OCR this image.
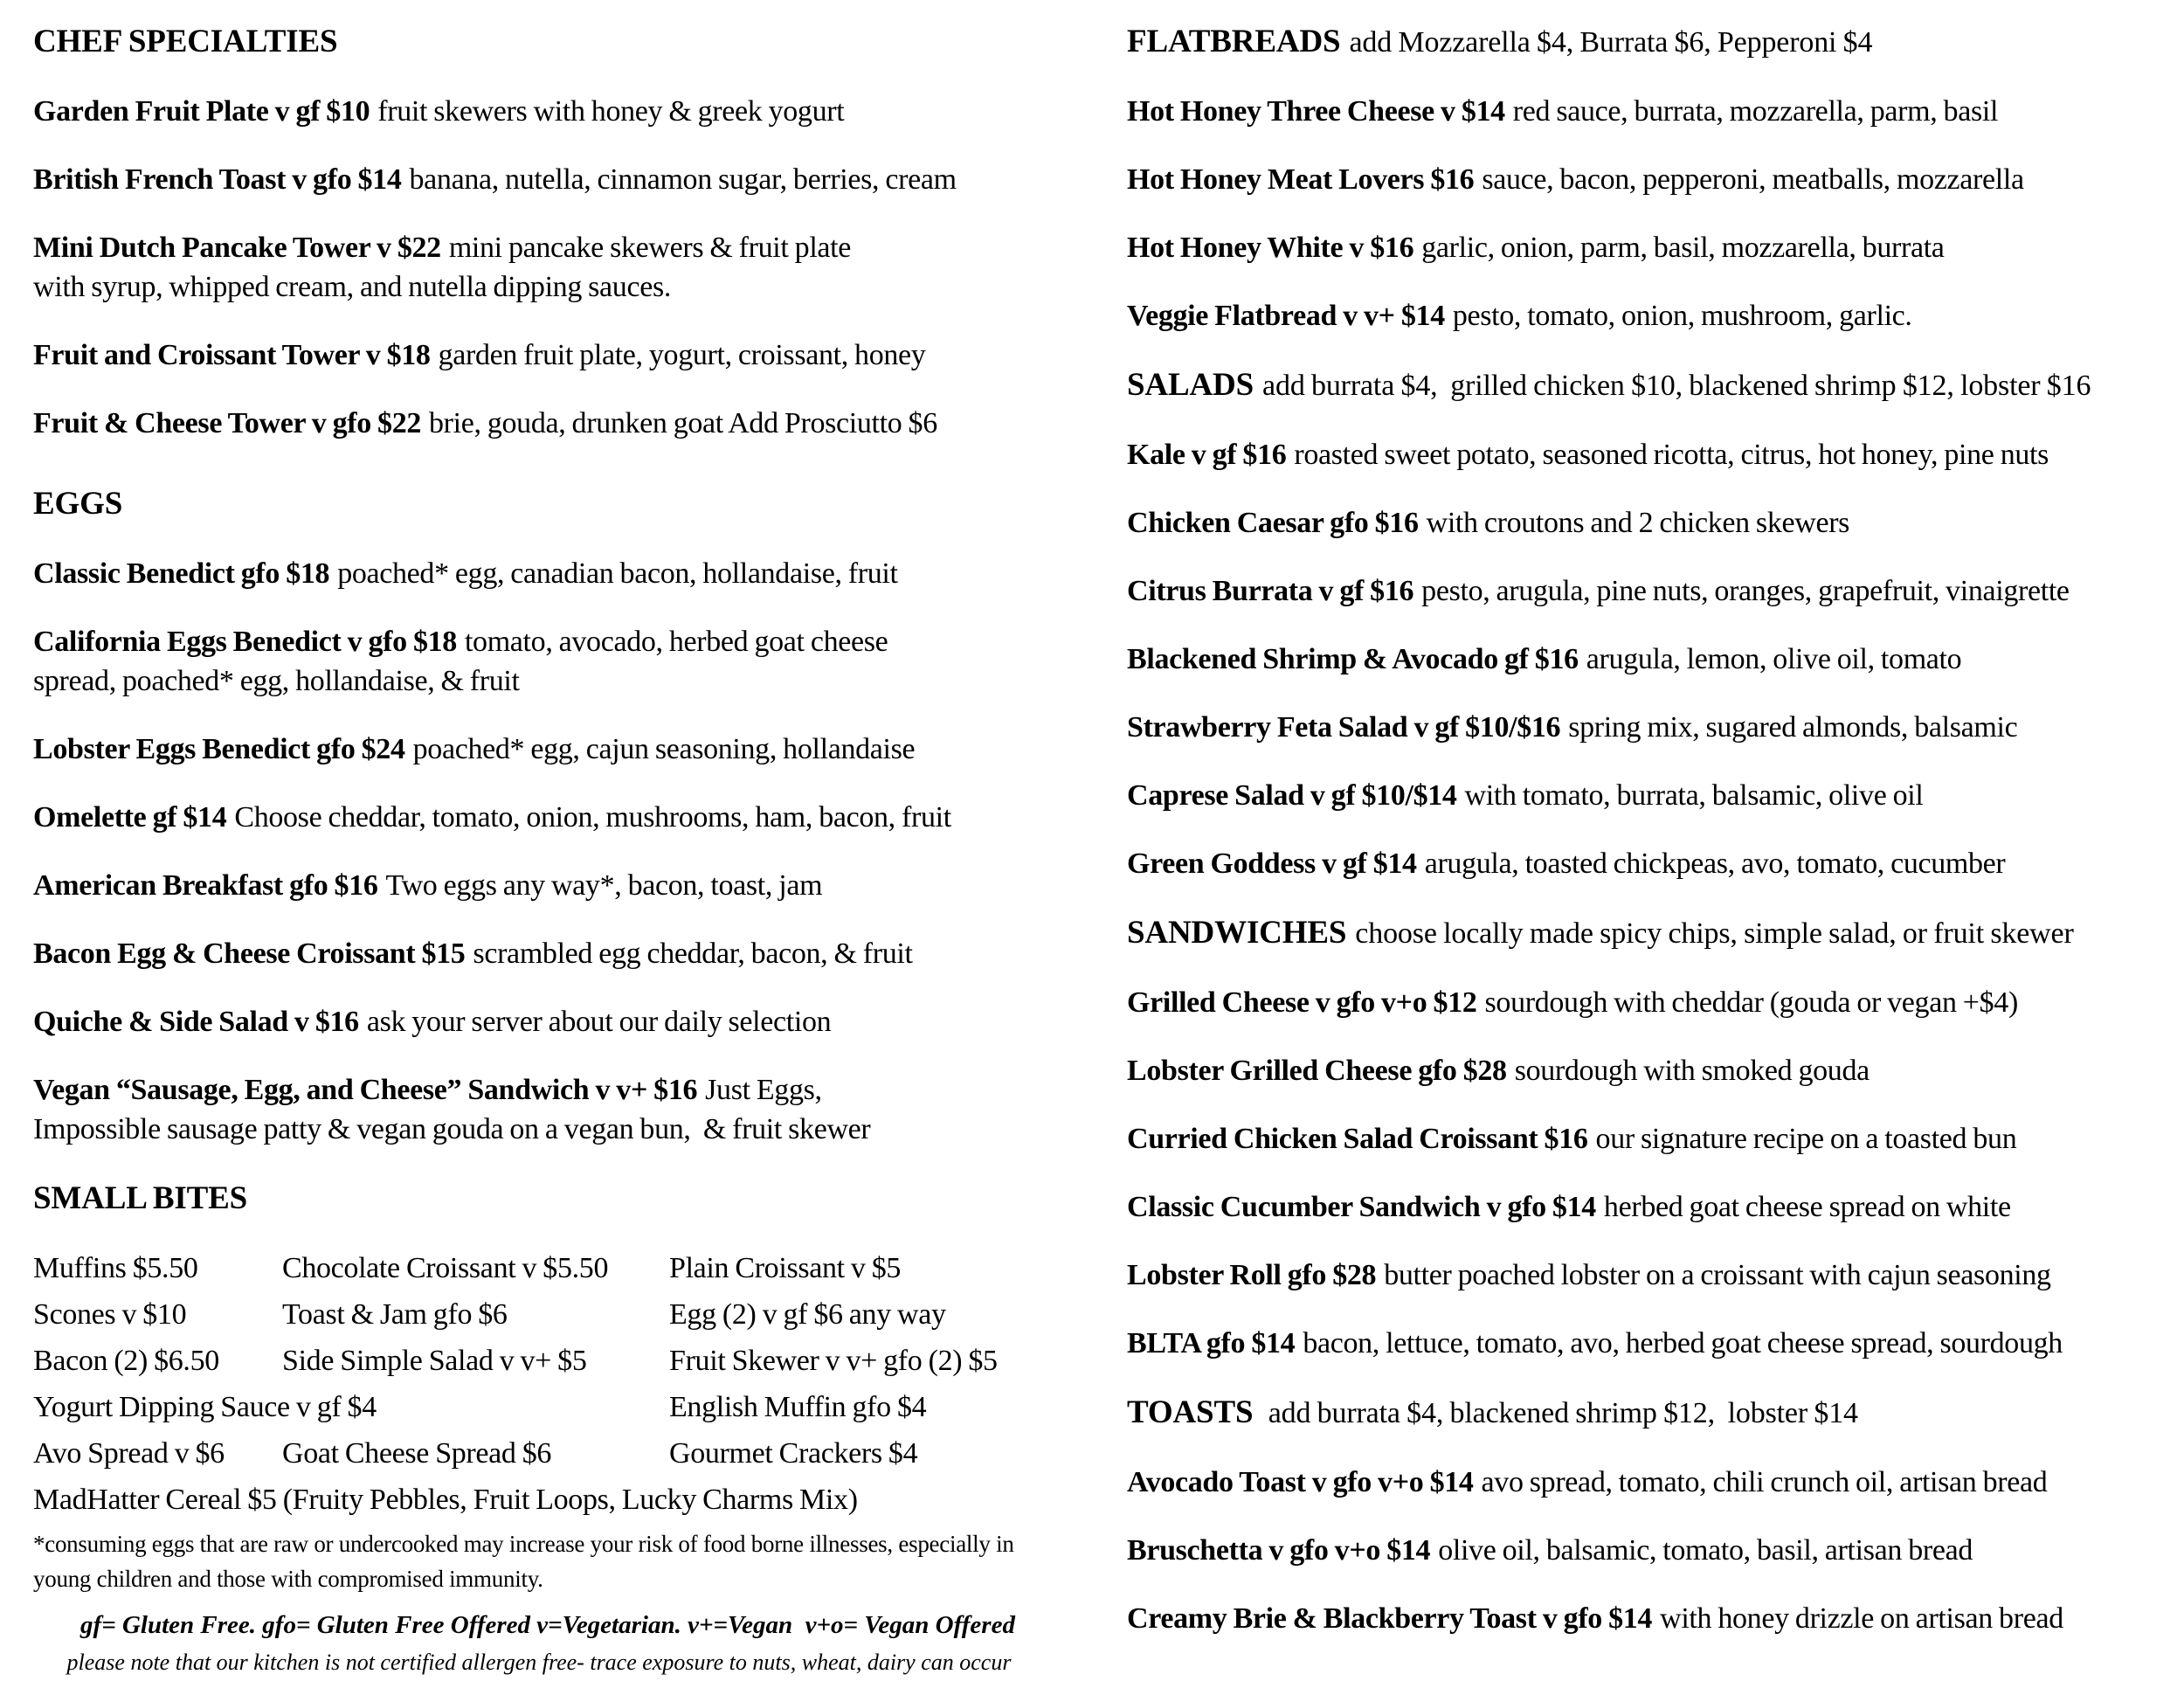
CHEF SPECIALTIES

Garden Fruit Plate v gf $10 fruit skewers with honey & greek yogurt

British French Toast v gfo $14 banana, nutella, cinnamon sugar, berries, cream

Mini Dutch Pancake Tower v $22 mini pancake skewers & fruit plate
with syrup, whipped cream, and nutella dipping sauces.

Fruit and Croissant Tower v $18 garden fruit plate, yogurt, croissant, honey

Fruit & Cheese Tower v gfo $22 brie, gouda, drunken goat Add Prosciutto $6

EGGS

Classic Benedict gfo $18 poached* egg, canadian bacon, hollandaise, fruit

California Eggs Benedict v gfo $18 tomato, avocado, herbed goat cheese
spread, poached* egg, hollandaise, & fruit

Lobster Eggs Benedict gfo $24 poached* egg, cajun seasoning, hollandaise

Omelette gf $14 Choose cheddar, tomato, onion, mushrooms, ham, bacon, fruit

American Breakfast gfo $16 Two eggs any way*, bacon, toast, jam

Bacon Egg & Cheese Croissant $15 scrambled egg cheddar, bacon, & fruit

Quiche & Side Salad v $16 ask your server about our daily selection

Vegan “Sausage, Egg, and Cheese” Sandwich v v+ $16 Just Eggs,
Impossible sausage patty & vegan gouda on a vegan bun,  & fruit skewer

SMALL BITES

Muffins $5.50	Chocolate Croissant v $5.50 Plain Croissant v $5
Scones v $10	Toast & Jam gfo $6	Egg (2) v gf $6 any way
Bacon (2) $6.50 Side Simple Salad v v+ $5	Fruit Skewer v v+ gfo (2) $5
Yogurt Dipping Sauce v gf $4	English Muffin gfo $4
Avo Spread v $6 Goat Cheese Spread $6	Gourmet Crackers $4

MadHatter Cereal $5 (Fruity Pebbles, Fruit Loops, Lucky Charms Mix)

*consuming eggs that are raw or undercooked may increase your risk of food borne illnesses, especially in

young children and those with compromised immunity.

gf= Gluten Free. gfo= Gluten Free Offered v=Vegetarian. v+=Vegan  v+o= Vegan Offered

please note that our kitchen is not certified allergen free- trace exposure to nuts, wheat, dairy can occur

FLATBREADS add Mozzarella $4, Burrata $6, Pepperoni $4

Hot Honey Three Cheese v $14 red sauce, burrata, mozzarella, parm, basil

Hot Honey Meat Lovers $16 sauce, bacon, pepperoni, meatballs, mozzarella

Hot Honey White v $16 garlic, onion, parm, basil, mozzarella, burrata

Veggie Flatbread v v+ $14 pesto, tomato, onion, mushroom, garlic.

SALADS add burrata $4,  grilled chicken $10, blackened shrimp $12, lobster $16

Kale v gf $16 roasted sweet potato, seasoned ricotta, citrus, hot honey, pine nuts

Chicken Caesar gfo $16 with croutons and 2 chicken skewers

Citrus Burrata v gf $16 pesto, arugula, pine nuts, oranges, grapefruit, vinaigrette

Blackened Shrimp & Avocado gf $16 arugula, lemon, olive oil, tomato

Strawberry Feta Salad v gf $10/$16 spring mix, sugared almonds, balsamic

Caprese Salad v gf $10/$14 with tomato, burrata, balsamic, olive oil

Green Goddess v gf $14 arugula, toasted chickpeas, avo, tomato, cucumber

SANDWICHES choose locally made spicy chips, simple salad, or fruit skewer

Grilled Cheese v gfo v+o $12 sourdough with cheddar (gouda or vegan +$4)

Lobster Grilled Cheese gfo $28 sourdough with smoked gouda

Curried Chicken Salad Croissant $16 our signature recipe on a toasted bun

Classic Cucumber Sandwich v gfo $14 herbed goat cheese spread on white

Lobster Roll gfo $28 butter poached lobster on a croissant with cajun seasoning

BLTA gfo $14 bacon, lettuce, tomato, avo, herbed goat cheese spread, sourdough

TOASTS add burrata $4, blackened shrimp $12,  lobster $14

Avocado Toast v gfo v+o $14 avo spread, tomato, chili crunch oil, artisan bread

Bruschetta v gfo v+o $14 olive oil, balsamic, tomato, basil, artisan bread

Creamy Brie & Blackberry Toast v gfo $14 with honey drizzle on artisan bread
